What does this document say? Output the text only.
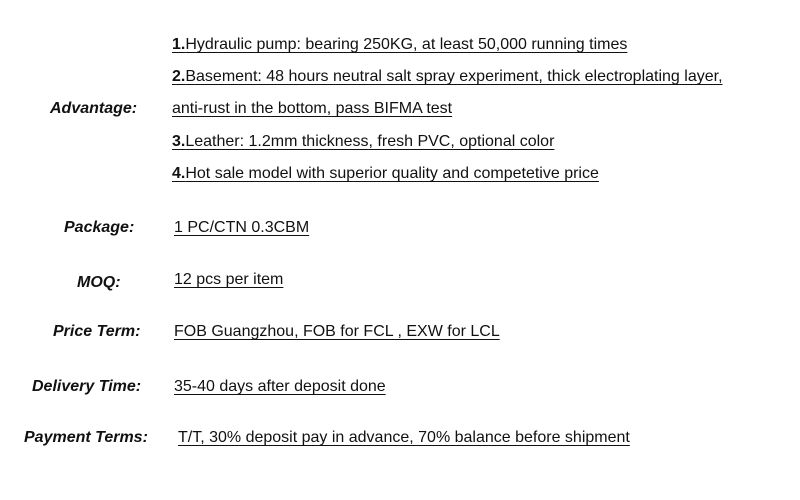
Advantage:
1.Hydraulic pump: bearing 250KG, at least 50,000 running times
2.Basement: 48 hours neutral salt spray experiment, thick electroplating layer,
anti-rust in the bottom, pass BIFMA test
3.Leather: 1.2mm thickness, fresh PVC, optional color
4.Hot sale model with superior quality and competetive price
Package: 1 PC/CTN 0.3CBM
MOQ:	12 pcs per item
Price Term: FOB Guangzhou, FOB for FCL , EXW for LCL
Delivery Time: 35-40 days after deposit done
Payment Terms: T/T, 30% deposit pay in advance, 70% balance before shipment
